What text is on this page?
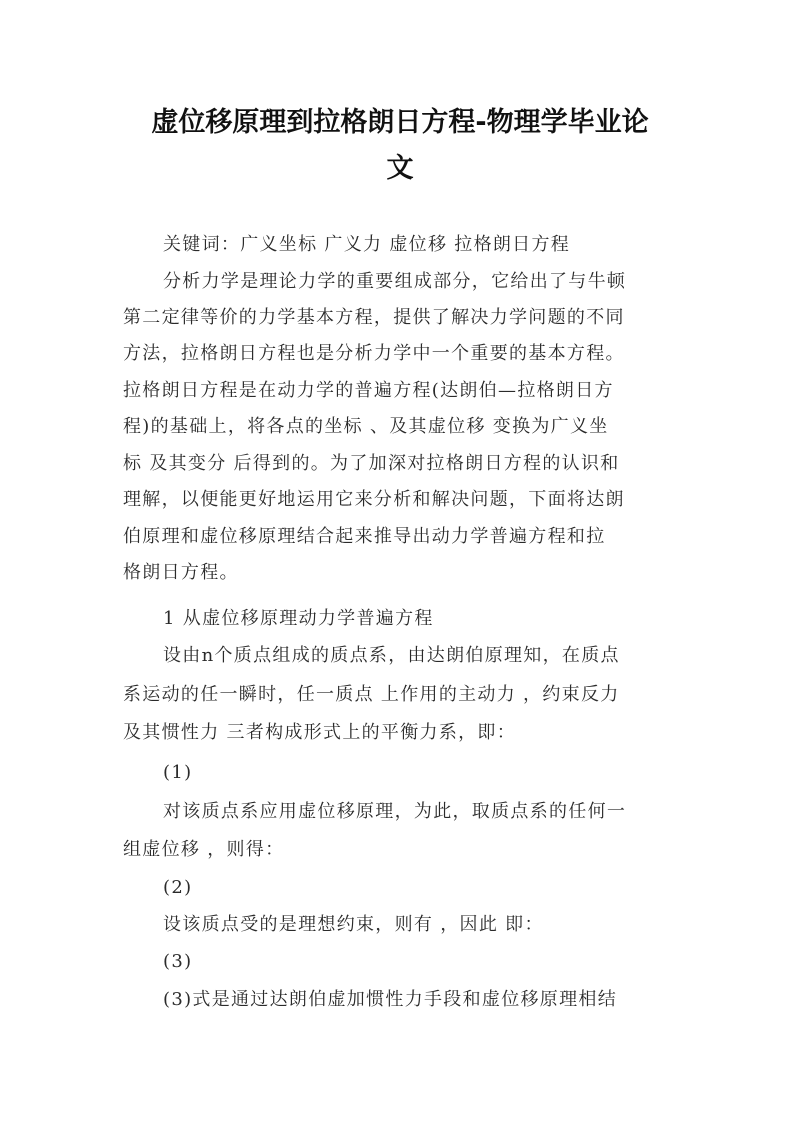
虚位移原理到拉格朗日方程-物理学毕业论
文
关键词：广义坐标 广义力 虚位移 拉格朗日方程
分析力学是理论力学的重要组成部分，它给出了与牛顿
第二定律等价的力学基本方程，提供了解决力学问题的不同
方法，拉格朗日方程也是分析力学中一个重要的基本方程。
拉格朗日方程是在动力学的普遍方程(达朗伯—拉格朗日方
程)的基础上，将各点的坐标 、及其虚位移 变换为广义坐
标 及其变分 后得到的。为了加深对拉格朗日方程的认识和
理解，以便能更好地运用它来分析和解决问题，下面将达朗
伯原理和虚位移原理结合起来推导出动力学普遍方程和拉
格朗日方程。
1 从虚位移原理动力学普遍方程
设由n个质点组成的质点系，由达朗伯原理知，在质点
系运动的任一瞬时，任一质点 上作用的主动力 ，约束反力
及其惯性力 三者构成形式上的平衡力系，即：
(1)
对该质点系应用虚位移原理，为此，取质点系的任何一
组虚位移 ，则得：
(2)
设该质点受的是理想约束，则有 ，因此 即：
(3)
(3)式是通过达朗伯虚加惯性力手段和虚位移原理相结
